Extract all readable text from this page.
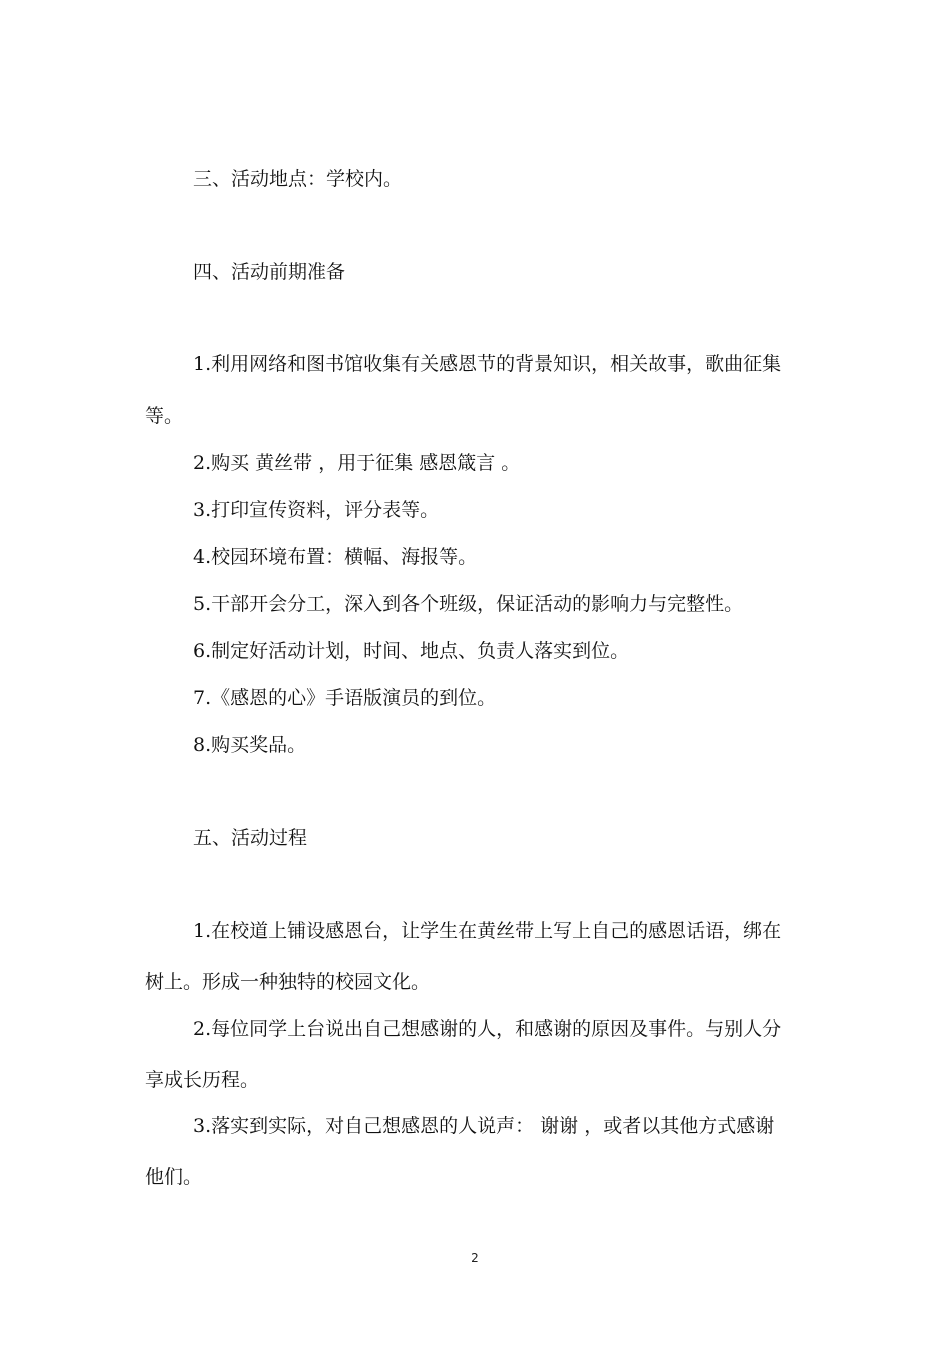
三、活动地点：学校内。
四、活动前期准备
1.利用网络和图书馆收集有关感恩节的背景知识，相关故事，歌曲征集
等。
2.购买 黄丝带 ，用于征集 感恩箴言 。
3.打印宣传资料，评分表等。
4.校园环境布置：横幅、海报等。
5.干部开会分工，深入到各个班级，保证活动的影响力与完整性。
6.制定好活动计划，时间、地点、负责人落实到位。
7.《感恩的心》手语版演员的到位。
8.购买奖品。
五、活动过程
1.在校道上铺设感恩台，让学生在黄丝带上写上自己的感恩话语，绑在
树上。形成一种独特的校园文化。
2.每位同学上台说出自己想感谢的人，和感谢的原因及事件。与别人分
享成长历程。
3.落实到实际，对自己想感恩的人说声： 谢谢 ，或者以其他方式感谢
他们。
2
